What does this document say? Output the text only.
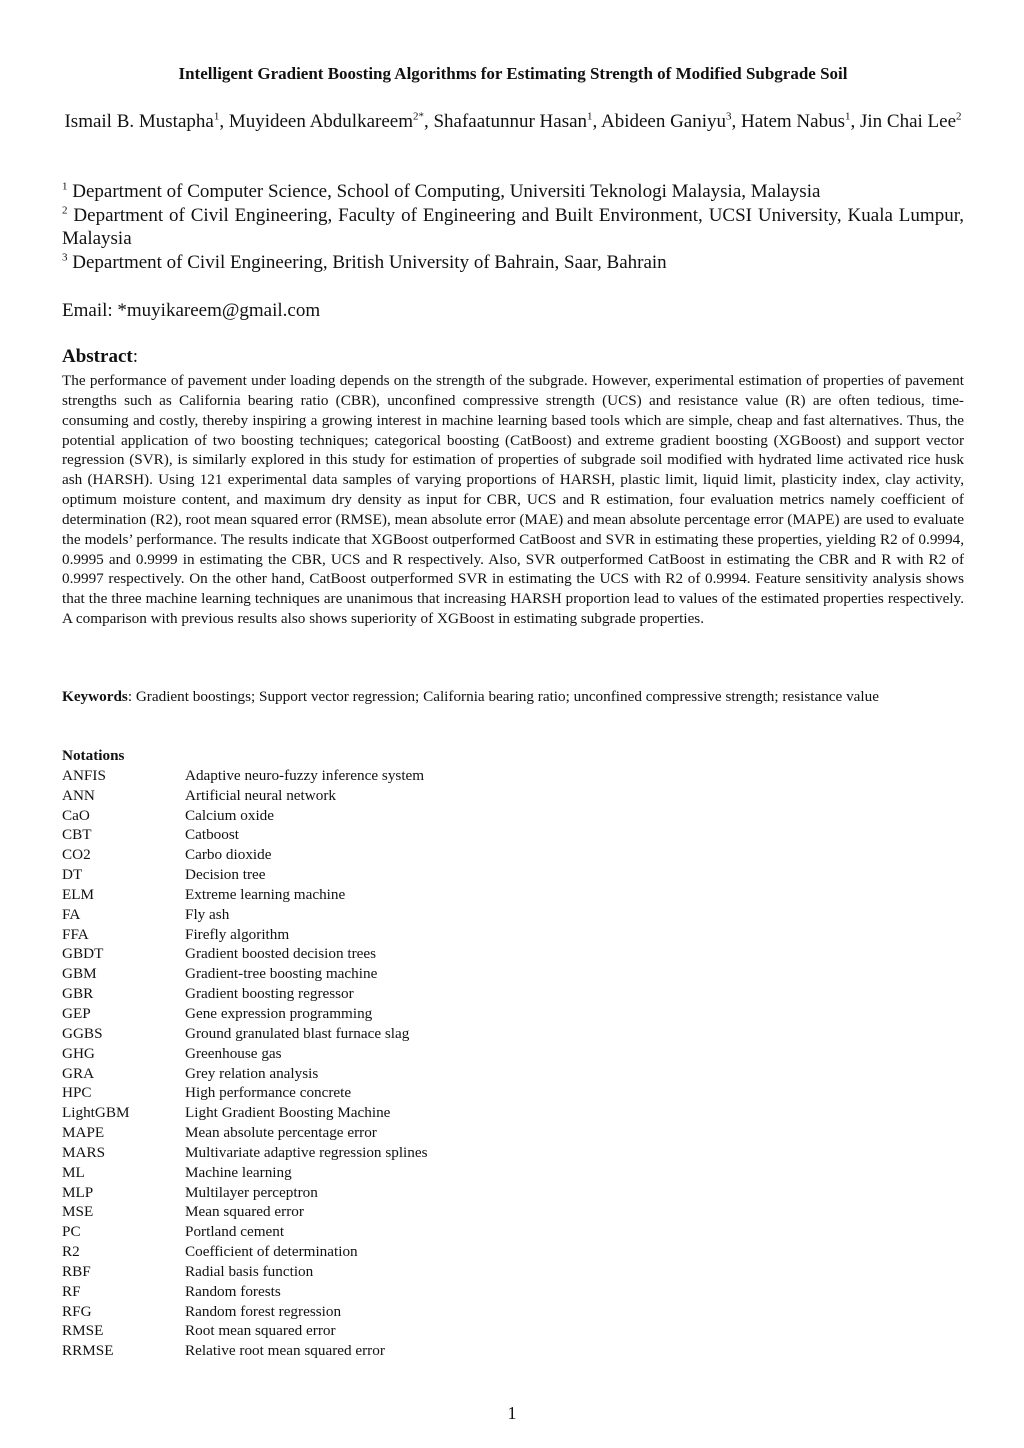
Intelligent Gradient Boosting Algorithms for Estimating Strength of Modified Subgrade Soil
Ismail B. Mustapha$^1$, Muyideen Abdulkareem$^{2*}$, Shafaatunnur Hasan$^1$, Abideen Ganiyu$^3$, Hatem Nabus$^1$, Jin Chai Lee$^2$
$^1$ Department of Computer Science, School of Computing, Universiti Teknologi Malaysia, Malaysia
$^2$ Department of Civil Engineering, Faculty of Engineering and Built Environment, UCSI University, Kuala Lumpur, Malaysia
$^3$ Department of Civil Engineering, British University of Bahrain, Saar, Bahrain
Email: *muyikareem@gmail.com
Abstract:
The performance of pavement under loading depends on the strength of the subgrade. However, experimental estimation of properties of pavement strengths such as California bearing ratio (CBR), unconfined compressive strength (UCS) and resistance value (R) are often tedious, time-consuming and costly, thereby inspiring a growing interest in machine learning based tools which are simple, cheap and fast alternatives. Thus, the potential application of two boosting techniques; categorical boosting (CatBoost) and extreme gradient boosting (XGBoost) and support vector regression (SVR), is similarly explored in this study for estimation of properties of subgrade soil modified with hydrated lime activated rice husk ash (HARSH). Using 121 experimental data samples of varying proportions of HARSH, plastic limit, liquid limit, plasticity index, clay activity, optimum moisture content, and maximum dry density as input for CBR, UCS and R estimation, four evaluation metrics namely coefficient of determination (R2), root mean squared error (RMSE), mean absolute error (MAE) and mean absolute percentage error (MAPE) are used to evaluate the models’ performance. The results indicate that XGBoost outperformed CatBoost and SVR in estimating these properties, yielding R2 of 0.9994, 0.9995 and 0.9999 in estimating the CBR, UCS and R respectively. Also, SVR outperformed CatBoost in estimating the CBR and R with R2 of 0.9997 respectively. On the other hand, CatBoost outperformed SVR in estimating the UCS with R2 of 0.9994. Feature sensitivity analysis shows that the three machine learning techniques are unanimous that increasing HARSH proportion lead to values of the estimated properties respectively. A comparison with previous results also shows superiority of XGBoost in estimating subgrade properties.
Keywords: Gradient boostings; Support vector regression; California bearing ratio; unconfined compressive strength; resistance value
Notations
ANFIS	Adaptive neuro-fuzzy inference system
ANN	Artificial neural network
CaO	Calcium oxide
CBT	Catboost
CO2	Carbo dioxide
DT	Decision tree
ELM	Extreme learning machine
FA	Fly ash
FFA	Firefly algorithm
GBDT	Gradient boosted decision trees
GBM	Gradient-tree boosting machine
GBR	Gradient boosting regressor
GEP	Gene expression programming
GGBS	Ground granulated blast furnace slag
GHG	Greenhouse gas
GRA	Grey relation analysis
HPC	High performance concrete
LightGBM	Light Gradient Boosting Machine
MAPE	Mean absolute percentage error
MARS	Multivariate adaptive regression splines
ML	Machine learning
MLP	Multilayer perceptron
MSE	Mean squared error
PC	Portland cement
R2	Coefficient of determination
RBF	Radial basis function
RF	Random forests
RFG	Random forest regression
RMSE	Root mean squared error
RRMSE	Relative root mean squared error
1
